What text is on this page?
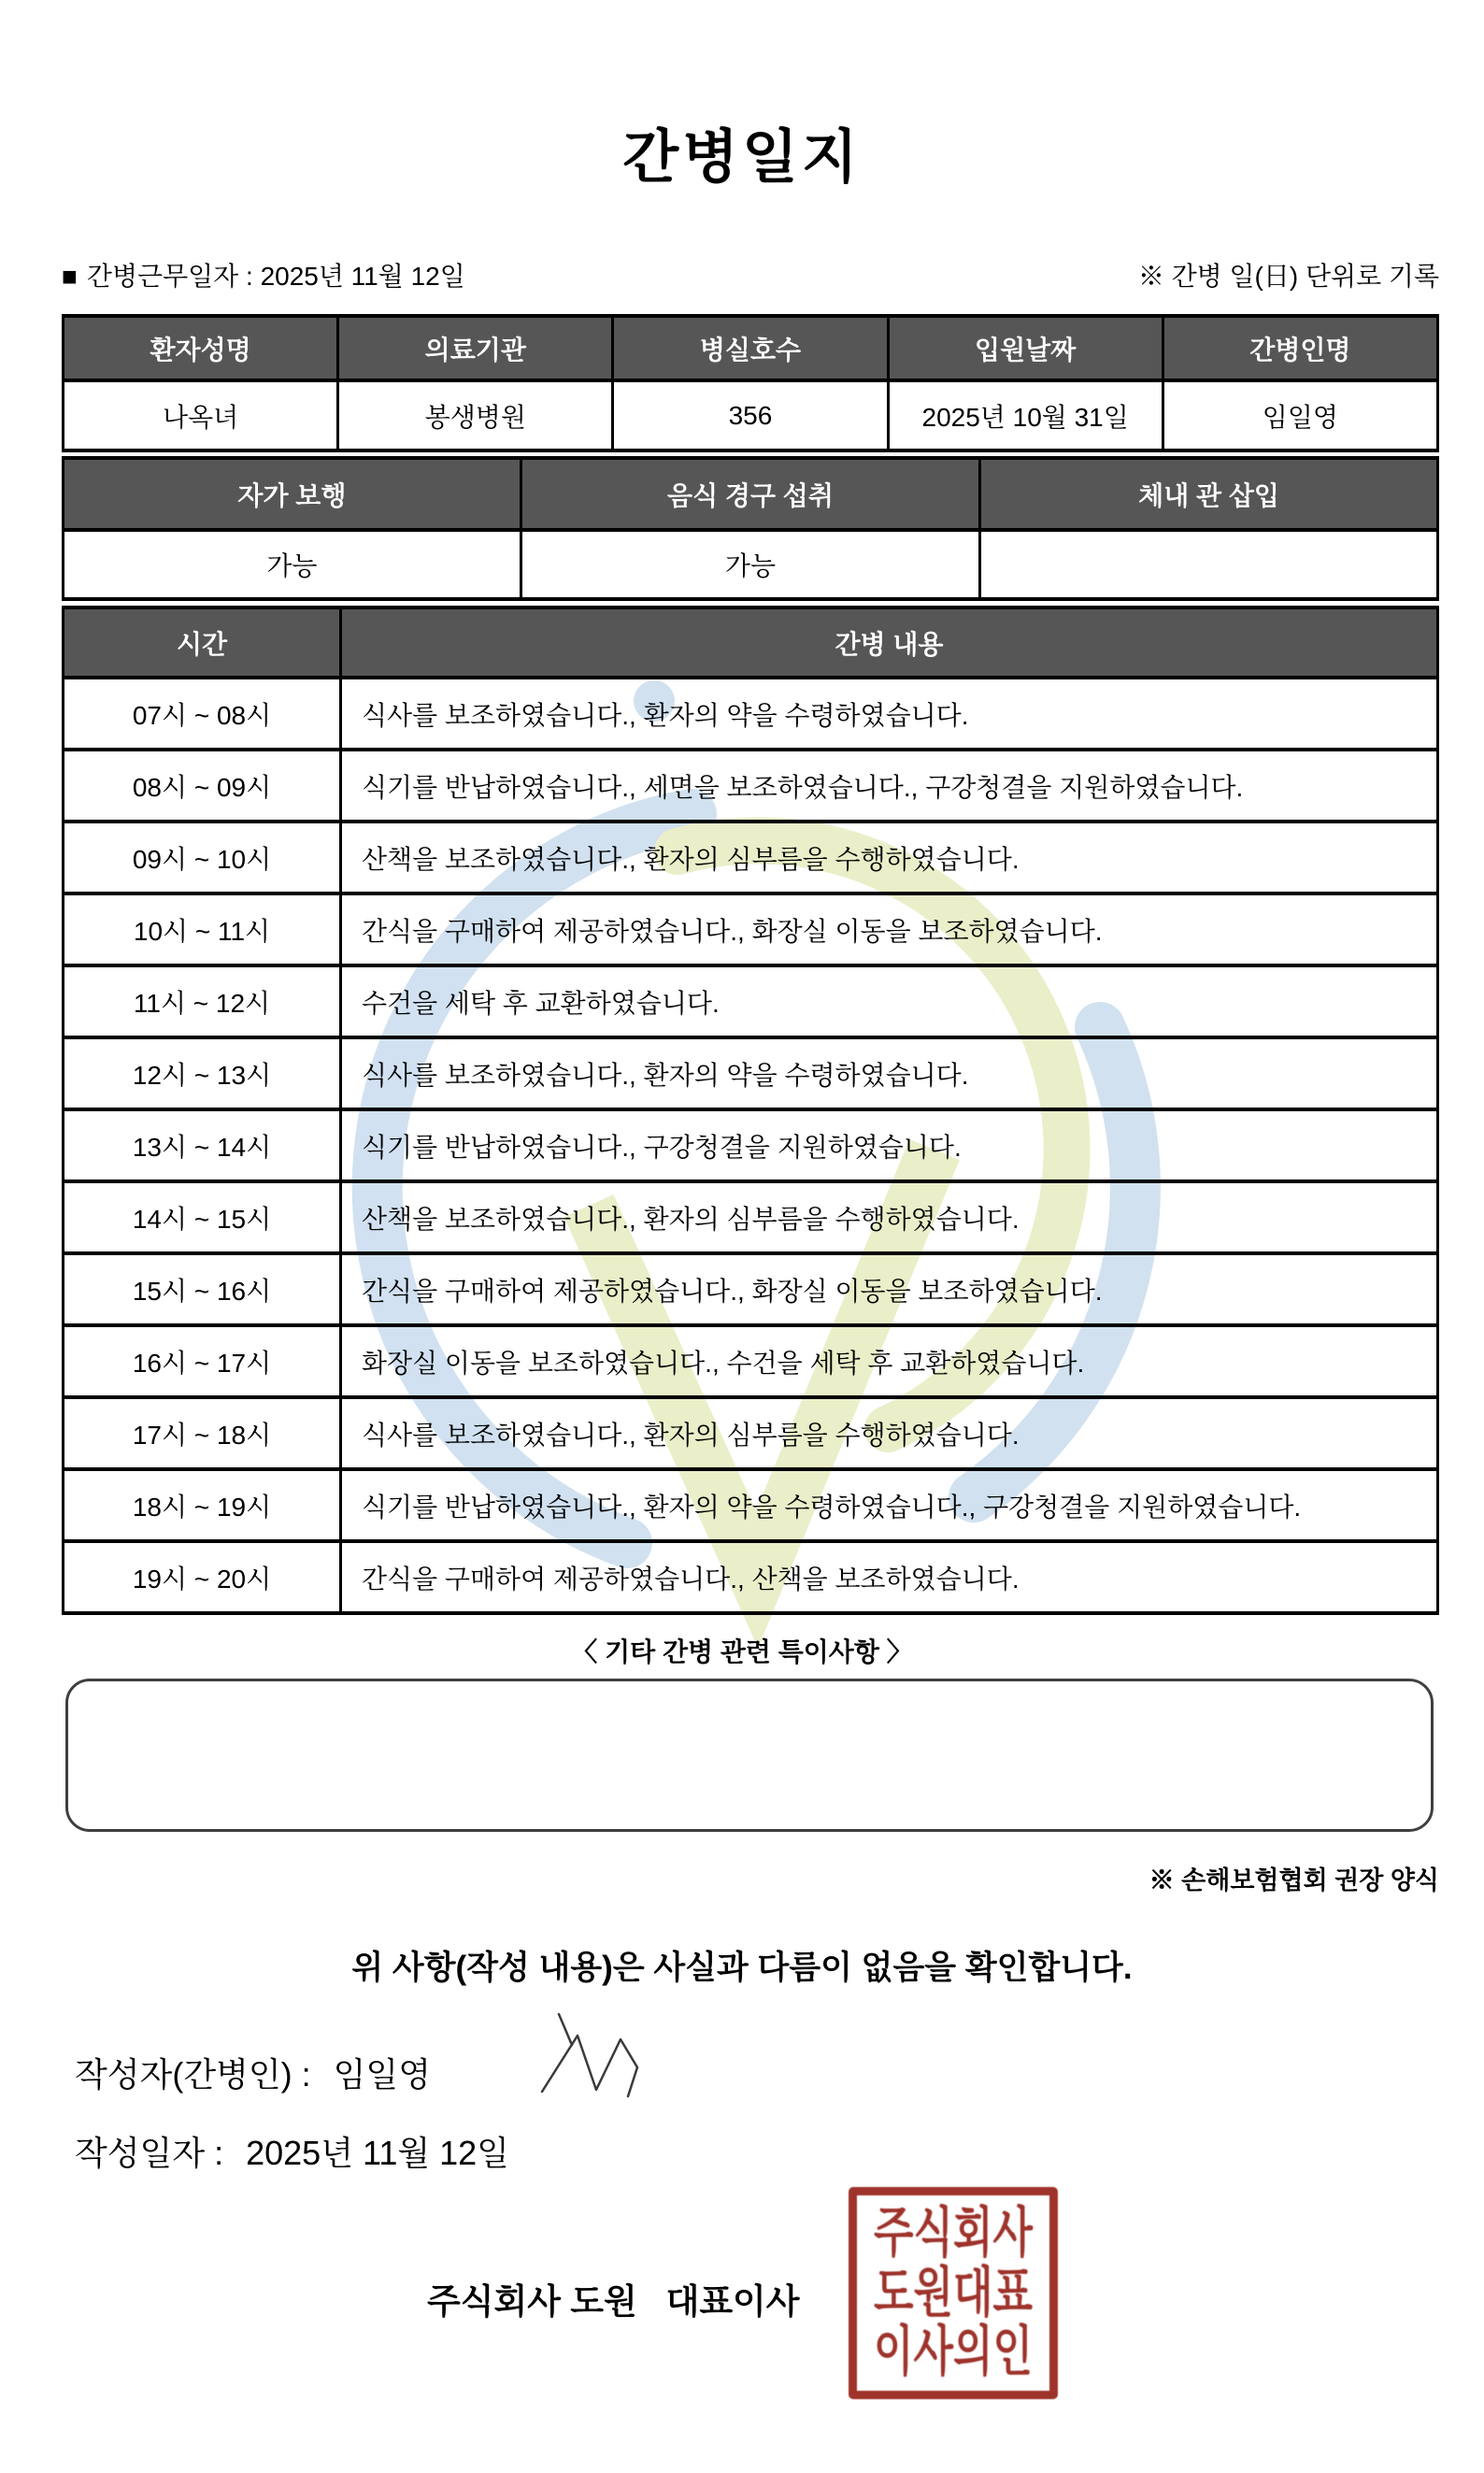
간병일지
■ 간병근무일자 : 2025년 11월 12일	※ 간병 일(日) 단위로 기록
환자성명	의료기관	병실호수	입원날짜	간병인명
나옥녀	봉생병원	356	2025년 10월 31일	임일영
자가 보행	음식 경구 섭취	체내 관 삽입
가능	가능	
시간	간병 내용
07시 ~ 08시	식사를 보조하였습니다., 환자의 약을 수령하였습니다.
08시 ~ 09시	식기를 반납하였습니다., 세면을 보조하였습니다., 구강청결을 지원하였습니다.
09시 ~ 10시	산책을 보조하였습니다., 환자의 심부름을 수행하였습니다.
10시 ~ 11시	간식을 구매하여 제공하였습니다., 화장실 이동을 보조하였습니다.
11시 ~ 12시	수건을 세탁 후 교환하였습니다.
12시 ~ 13시	식사를 보조하였습니다., 환자의 약을 수령하였습니다.
13시 ~ 14시	식기를 반납하였습니다., 구강청결을 지원하였습니다.
14시 ~ 15시	산책을 보조하였습니다., 환자의 심부름을 수행하였습니다.
15시 ~ 16시	간식을 구매하여 제공하였습니다., 화장실 이동을 보조하였습니다.
16시 ~ 17시	화장실 이동을 보조하였습니다., 수건을 세탁 후 교환하였습니다.
17시 ~ 18시	식사를 보조하였습니다., 환자의 심부름을 수행하였습니다.
18시 ~ 19시	식기를 반납하였습니다., 환자의 약을 수령하였습니다., 구강청결을 지원하였습니다.
19시 ~ 20시	간식을 구매하여 제공하였습니다., 산책을 보조하였습니다.
〈 기타 간병 관련 특이사항 〉
※ 손해보험협회 권장 양식
위 사항(작성 내용)은 사실과 다름이 없음을 확인합니다.
작성자(간병인) : 임일영
작성일자 : 2025년 11월 12일
주식회사 도원   대표이사
주식회사
도원대표
이사의인
